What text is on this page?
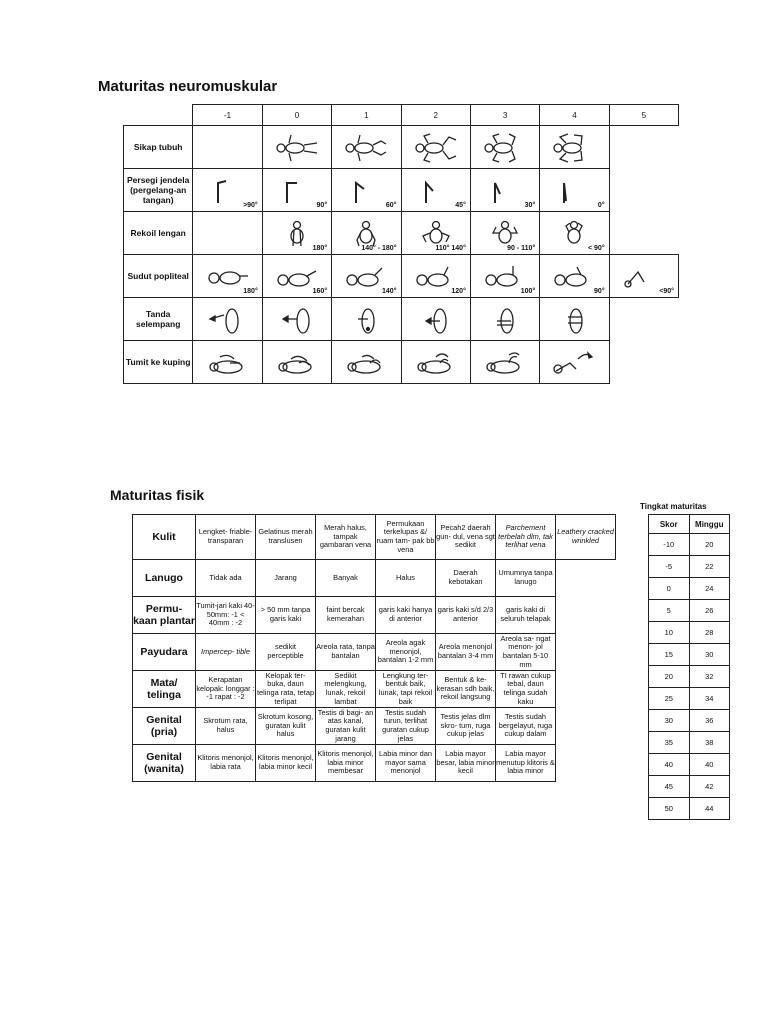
Maturitas neuromuskular
	-1	0	1	2	3	4	5
Sikap tubuh		

Persegi jendela (pergelang-an tangan)	>90°	90°	60°	45°	30°	0°	

Rekoil lengan		180°	140° - 180°	110° 140°	90 - 110°	< 90°	

Sudut popliteal	180°	160°	140°	120°	100°	90°	<90°

Tanda selempang	

Tumit ke kuping	

Maturitas fisik
Kulit	Lengket- friable- transparan	Gelatinus merah translusen	Merah halus, tampak gambaran vena	Permukaan terkelupas &/ ruam tam- pak bb vena	Pecah2 daerah gun- dul, vena sgt sedikit	Parchement terbelah dlm, tak terlihat vena	Leathery cracked wrinkled
Lanugo	Tidak ada	Jarang	Banyak	Halus	Daerah kebotakan	Umumnya tanpa lanugo	
Permu- kaan plantar	Tumit-jari kaki 40-50mm: -1 < 40mm : -2	> 50 mm tanpa garis kaki	faint bercak kemerahan	garis kaki hanya di anterior	garis kaki s/d 2/3 anterior	garis kaki di seluruh telapak	
Payudara	Impercep- tible	sedikit perceptible	Areola rata, tanpa bantalan	Areola agak menonjol, bantalan 1-2 mm	Areola menonjol bantalan 3-4 mm	Areola sa- ngat menon- jol bantalan 5-10 mm	
Mata/ telinga	Kerapatan kelopak: longgar : -1 rapat : -2	Kelopak ter- buka, daun telinga rata, tetap terlipat	Sedikit melengkung, lunak, rekoil lambat	Lengkung ter- bentuk baik, lunak, tapi rekoil baik	Bentuk & ke- kerasan sdh baik, rekoil langsung	TI rawan cukup tebal, daun telinga sudah kaku	
Genital (pria)	Skrotum rata, halus	Skrotum kosong, guratan kulit halus	Testis di bagi- an atas kanal, guratan kulit jarang	Testis sudah turun, terlihat guratan cukup jelas	Testis jelas dlm skro- tum, ruga cukup jelas	Testis sudah bergelayut, ruga cukup dalam	
Genital (wanita)	Klitoris menonjol, labia rata	Klitoris menonjol, labia minor kecil	Klitoris menonjol, labia minor membesar	Labia minor dan mayor sama menonjol	Labia mayor besar, labia minor kecil	Labia mayor menutup klitoris & labia minor	
Tingkat maturitas
Skor	Minggu
-10	20
-5	22
0	24
5	26
10	28
15	30
20	32
25	34
30	36
35	38
40	40
45	42
50	44
